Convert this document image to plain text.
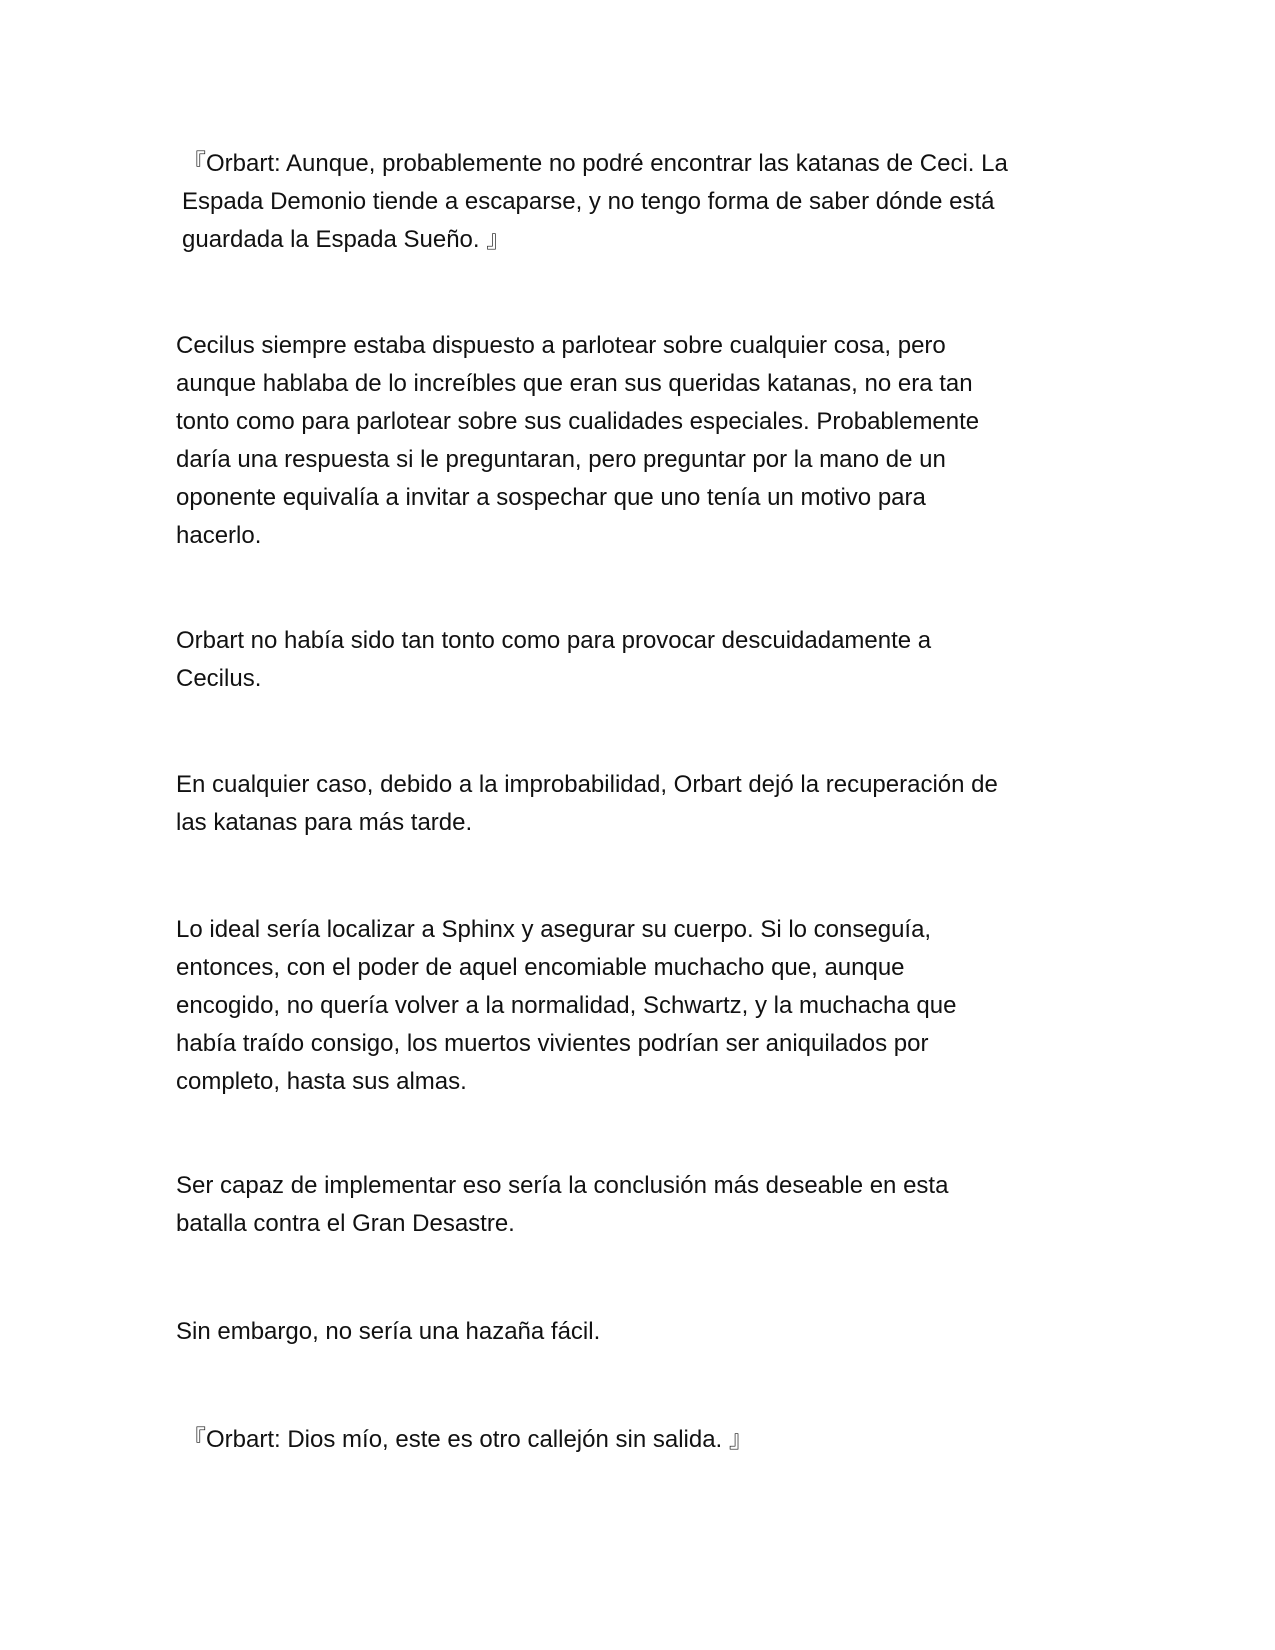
『Orbart: Aunque, probablemente no podré encontrar las katanas de Ceci. La
Espada Demonio tiende a escaparse, y no tengo forma de saber dónde está
guardada la Espada Sueño. 』

Cecilus siempre estaba dispuesto a parlotear sobre cualquier cosa, pero
aunque hablaba de lo increíbles que eran sus queridas katanas, no era tan
tonto como para parlotear sobre sus cualidades especiales. Probablemente
daría una respuesta si le preguntaran, pero preguntar por la mano de un
oponente equivalía a invitar a sospechar que uno tenía un motivo para
hacerlo.

Orbart no había sido tan tonto como para provocar descuidadamente a
Cecilus.

En cualquier caso, debido a la improbabilidad, Orbart dejó la recuperación de
las katanas para más tarde.

Lo ideal sería localizar a Sphinx y asegurar su cuerpo. Si lo conseguía,
entonces, con el poder de aquel encomiable muchacho que, aunque
encogido, no quería volver a la normalidad, Schwartz, y la muchacha que
había traído consigo, los muertos vivientes podrían ser aniquilados por
completo, hasta sus almas.

Ser capaz de implementar eso sería la conclusión más deseable en esta
batalla contra el Gran Desastre.

Sin embargo, no sería una hazaña fácil.

『Orbart: Dios mío, este es otro callejón sin salida. 』
